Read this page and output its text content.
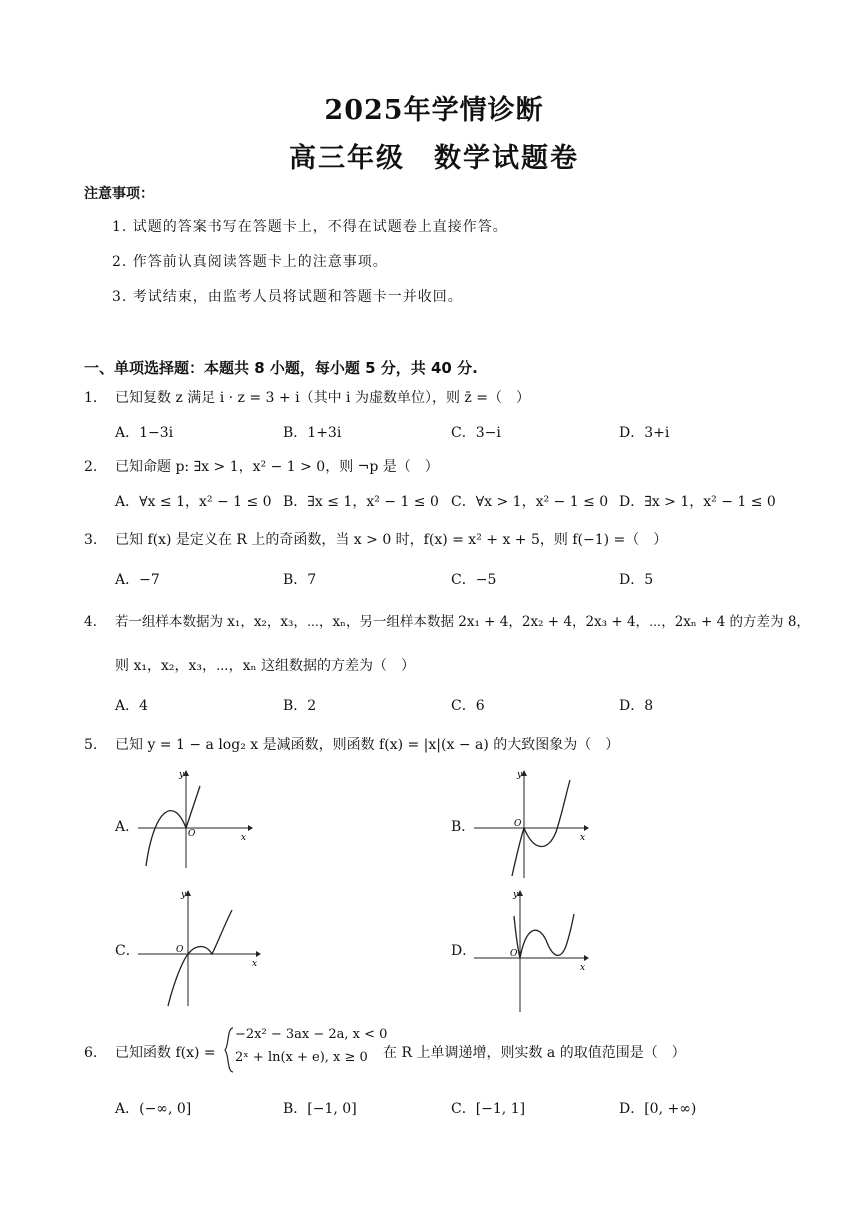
2025年学情诊断
高三年级　数学试题卷
注意事项：
1. 试题的答案书写在答题卡上，不得在试题卷上直接作答。
2. 作答前认真阅读答题卡上的注意事项。
3. 考试结束，由监考人员将试题和答题卡一并收回。
一、单项选择题：本题共 8 小题，每小题 5 分，共 40 分.
1. 已知复数 z 满足 i · z = 3 + i（其中 i 为虚数单位），则 z̄ =（　）
A．1−3i	B．1+3i	C．3−i	D．3+i
2. 已知命题 p: ∃x > 1，x² − 1 > 0，则 ¬p 是（　）
A．∀x ≤ 1，x² − 1 ≤ 0 B．∃x ≤ 1，x² − 1 ≤ 0 C．∀x > 1，x² − 1 ≤ 0 D．∃x > 1，x² − 1 ≤ 0
3. 已知 f(x) 是定义在 R 上的奇函数，当 x > 0 时，f(x) = x² + x + 5，则 f(−1) =（　）
A．−7	B．7	C．−5	D．5
4. 若一组样本数据为 x₁，x₂，x₃，⋯，xₙ，另一组样本数据 2x₁ + 4，2x₂ + 4，2x₃ + 4，⋯，2xₙ + 4 的方差为 8，
则 x₁，x₂，x₃，⋯，xₙ 这组数据的方差为（　）
A．4	B．2	C．6	D．8
5. 已知 y = 1 − a log₂ x 是减函数，则函数 f(x) = |x|(x − a) 的大致图象为（　）
A．
y
x
O	B．
y
x
O
C．
y
x
O	D．
y
x
O
6. 已知函数 f(x) =
−2x² − 3ax − 2a, x < 0
2ˣ + ln(x + e), x ≥ 0 在 R 上单调递增，则实数 a 的取值范围是（　）
A．(−∞, 0]	B．[−1, 0]	C．[−1, 1]	D．[0, +∞)
